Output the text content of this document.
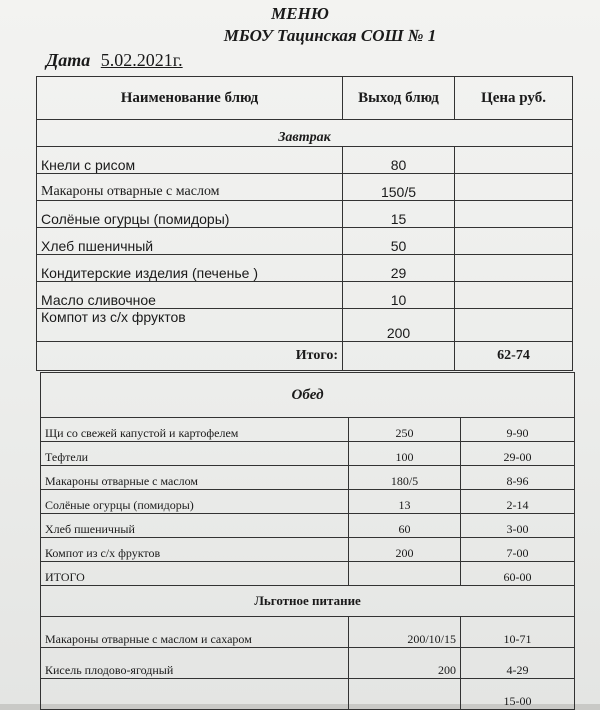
МЕНЮ
МБОУ Тацинская СОШ № 1
Дата 5.02.2021г.
Наименование блюд	Выход блюд	Цена руб.
Завтрак		
Кнели с рисом	80	
Макароны отварные с маслом	150/5	
Солёные огурцы (помидоры)	15	
Хлеб пшеничный	50	
Кондитерские изделия (печенье )	29	
Масло сливочное	10	
Компот из с/х фруктов	200	
Итого:		62-74
Обед		
Щи со свежей капустой и картофелем	250	9-90
Тефтели	100	29-00
Макароны отварные с маслом	180/5	8-96
Солёные огурцы (помидоры)	13	2-14
Хлеб пшеничный	60	3-00
Компот из с/х фруктов	200	7-00
ИТОГО		60-00
Льготное питание		
Макароны отварные с маслом и сахаром	200/10/15	10-71
Кисель плодово-ягодный	200	4-29
		15-00
